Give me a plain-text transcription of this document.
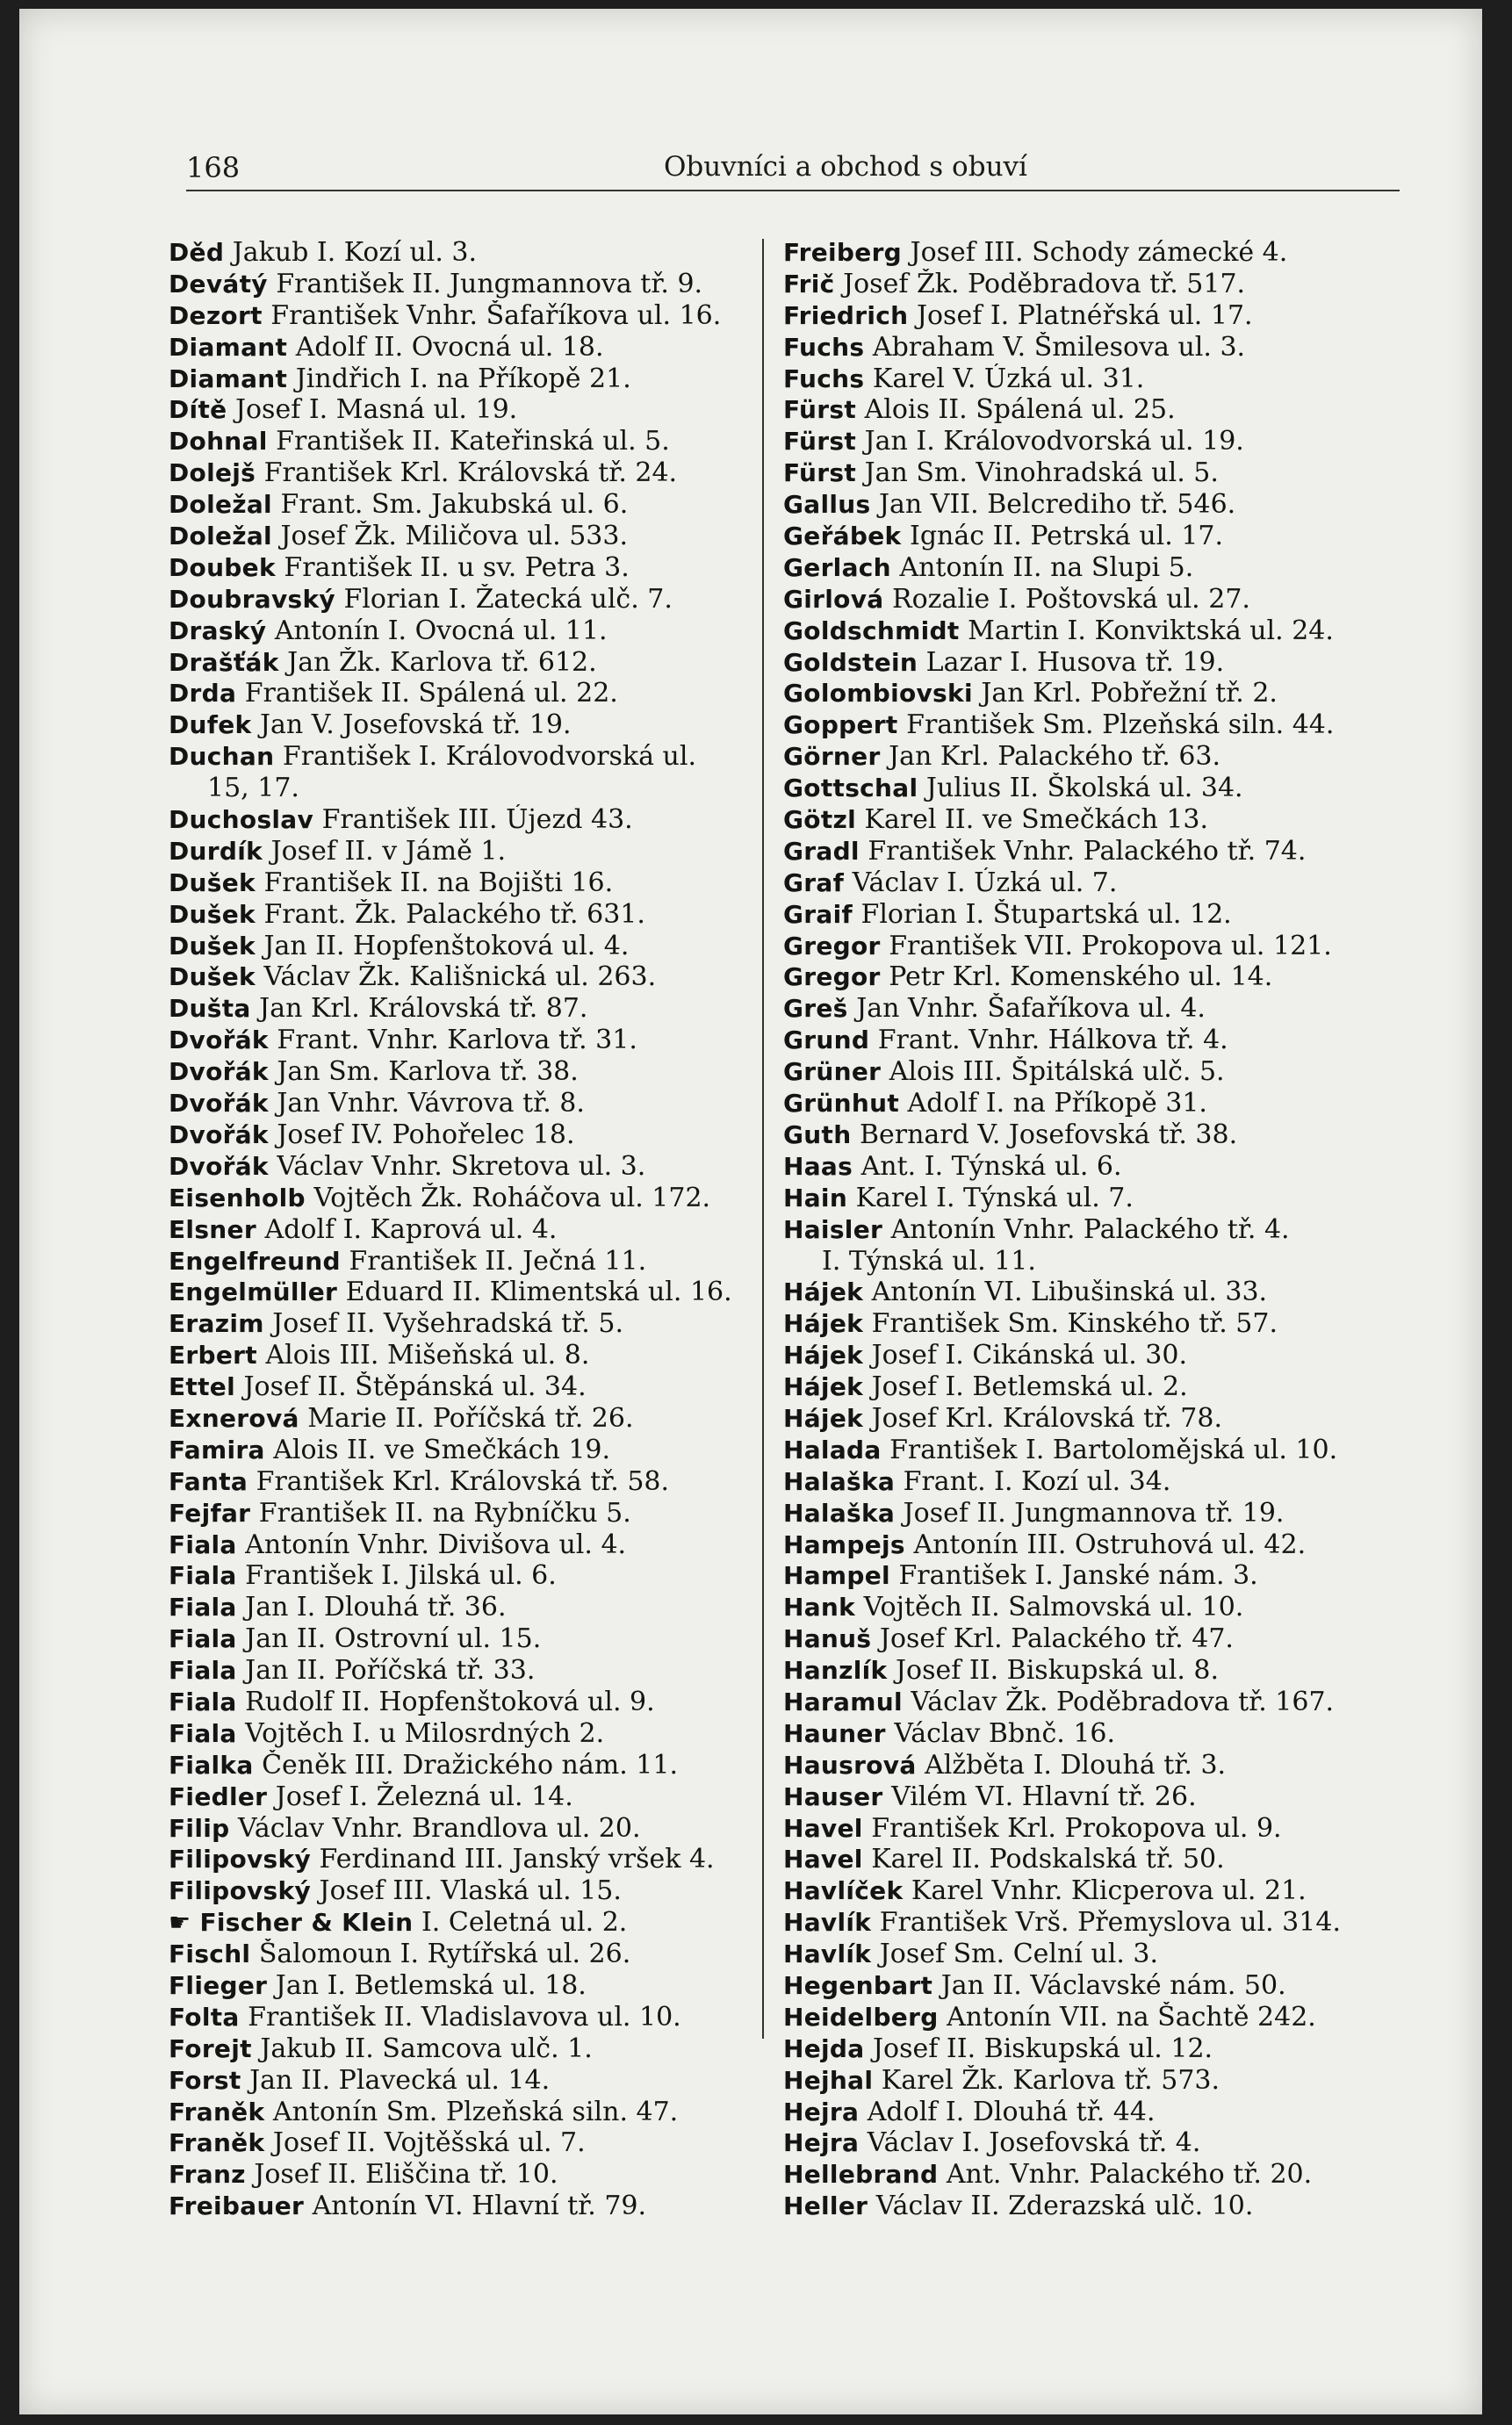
168	Obuvníci a obchod s obuví
Děd Jakub I. Kozí ul. 3.
Devátý František II. Jungmannova tř. 9.
Dezort František Vnhr. Šafaříkova ul. 16.
Diamant Adolf II. Ovocná ul. 18.
Diamant Jindřich I. na Příkopě 21.
Dítě Josef I. Masná ul. 19.
Dohnal František II. Kateřinská ul. 5.
Dolejš František Krl. Královská tř. 24.
Doležal Frant. Sm. Jakubská ul. 6.
Doležal Josef Žk. Miličova ul. 533.
Doubek František II. u sv. Petra 3.
Doubravský Florian I. Žatecká ulč. 7.
Draský Antonín I. Ovocná ul. 11.
Drašťák Jan Žk. Karlova tř. 612.
Drda František II. Spálená ul. 22.
Dufek Jan V. Josefovská tř. 19.
Duchan František I. Královodvorská ul.
15, 17.
Duchoslav František III. Újezd 43.
Durdík Josef II. v Jámě 1.
Dušek František II. na Bojišti 16.
Dušek Frant. Žk. Palackého tř. 631.
Dušek Jan II. Hopfenštoková ul. 4.
Dušek Václav Žk. Kališnická ul. 263.
Dušta Jan Krl. Královská tř. 87.
Dvořák Frant. Vnhr. Karlova tř. 31.
Dvořák Jan Sm. Karlova tř. 38.
Dvořák Jan Vnhr. Vávrova tř. 8.
Dvořák Josef IV. Pohořelec 18.
Dvořák Václav Vnhr. Skretova ul. 3.
Eisenholb Vojtěch Žk. Roháčova ul. 172.
Elsner Adolf I. Kaprová ul. 4.
Engelfreund František II. Ječná 11.
Engelmüller Eduard II. Klimentská ul. 16.
Erazim Josef II. Vyšehradská tř. 5.
Erbert Alois III. Mišeňská ul. 8.
Ettel Josef II. Štěpánská ul. 34.
Exnerová Marie II. Poříčská tř. 26.
Famira Alois II. ve Smečkách 19.
Fanta František Krl. Královská tř. 58.
Fejfar František II. na Rybníčku 5.
Fiala Antonín Vnhr. Divišova ul. 4.
Fiala František I. Jilská ul. 6.
Fiala Jan I. Dlouhá tř. 36.
Fiala Jan II. Ostrovní ul. 15.
Fiala Jan II. Poříčská tř. 33.
Fiala Rudolf II. Hopfenštoková ul. 9.
Fiala Vojtěch I. u Milosrdných 2.
Fialka Čeněk III. Dražického nám. 11.
Fiedler Josef I. Železná ul. 14.
Filip Václav Vnhr. Brandlova ul. 20.
Filipovský Ferdinand III. Janský vršek 4.
Filipovský Josef III. Vlaská ul. 15.
☛ Fischer & Klein I. Celetná ul. 2.
Fischl Šalomoun I. Rytířská ul. 26.
Flieger Jan I. Betlemská ul. 18.
Folta František II. Vladislavova ul. 10.
Forejt Jakub II. Samcova ulč. 1.
Forst Jan II. Plavecká ul. 14.
Franěk Antonín Sm. Plzeňská siln. 47.
Franěk Josef II. Vojtěšská ul. 7.
Franz Josef II. Eliščina tř. 10.
Freibauer Antonín VI. Hlavní tř. 79.
Freiberg Josef III. Schody zámecké 4.
Frič Josef Žk. Poděbradova tř. 517.
Friedrich Josef I. Platnéřská ul. 17.
Fuchs Abraham V. Šmilesova ul. 3.
Fuchs Karel V. Úzká ul. 31.
Fürst Alois II. Spálená ul. 25.
Fürst Jan I. Královodvorská ul. 19.
Fürst Jan Sm. Vinohradská ul. 5.
Gallus Jan VII. Belcrediho tř. 546.
Geřábek Ignác II. Petrská ul. 17.
Gerlach Antonín II. na Slupi 5.
Girlová Rozalie I. Poštovská ul. 27.
Goldschmidt Martin I. Konviktská ul. 24.
Goldstein Lazar I. Husova tř. 19.
Golombiovski Jan Krl. Pobřežní tř. 2.
Goppert František Sm. Plzeňská siln. 44.
Görner Jan Krl. Palackého tř. 63.
Gottschal Julius II. Školská ul. 34.
Götzl Karel II. ve Smečkách 13.
Gradl František Vnhr. Palackého tř. 74.
Graf Václav I. Úzká ul. 7.
Graif Florian I. Štupartská ul. 12.
Gregor František VII. Prokopova ul. 121.
Gregor Petr Krl. Komenského ul. 14.
Greš Jan Vnhr. Šafaříkova ul. 4.
Grund Frant. Vnhr. Hálkova tř. 4.
Grüner Alois III. Špitálská ulč. 5.
Grünhut Adolf I. na Příkopě 31.
Guth Bernard V. Josefovská tř. 38.
Haas Ant. I. Týnská ul. 6.
Hain Karel I. Týnská ul. 7.
Haisler Antonín Vnhr. Palackého tř. 4.
I. Týnská ul. 11.
Hájek Antonín VI. Libušinská ul. 33.
Hájek František Sm. Kinského tř. 57.
Hájek Josef I. Cikánská ul. 30.
Hájek Josef I. Betlemská ul. 2.
Hájek Josef Krl. Královská tř. 78.
Halada František I. Bartolomějská ul. 10.
Halaška Frant. I. Kozí ul. 34.
Halaška Josef II. Jungmannova tř. 19.
Hampejs Antonín III. Ostruhová ul. 42.
Hampel František I. Janské nám. 3.
Hank Vojtěch II. Salmovská ul. 10.
Hanuš Josef Krl. Palackého tř. 47.
Hanzlík Josef II. Biskupská ul. 8.
Haramul Václav Žk. Poděbradova tř. 167.
Hauner Václav Bbnč. 16.
Hausrová Alžběta I. Dlouhá tř. 3.
Hauser Vilém VI. Hlavní tř. 26.
Havel František Krl. Prokopova ul. 9.
Havel Karel II. Podskalská tř. 50.
Havlíček Karel Vnhr. Klicperova ul. 21.
Havlík František Vrš. Přemyslova ul. 314.
Havlík Josef Sm. Celní ul. 3.
Hegenbart Jan II. Václavské nám. 50.
Heidelberg Antonín VII. na Šachtě 242.
Hejda Josef II. Biskupská ul. 12.
Hejhal Karel Žk. Karlova tř. 573.
Hejra Adolf I. Dlouhá tř. 44.
Hejra Václav I. Josefovská tř. 4.
Hellebrand Ant. Vnhr. Palackého tř. 20.
Heller Václav II. Zderazská ulč. 10.
